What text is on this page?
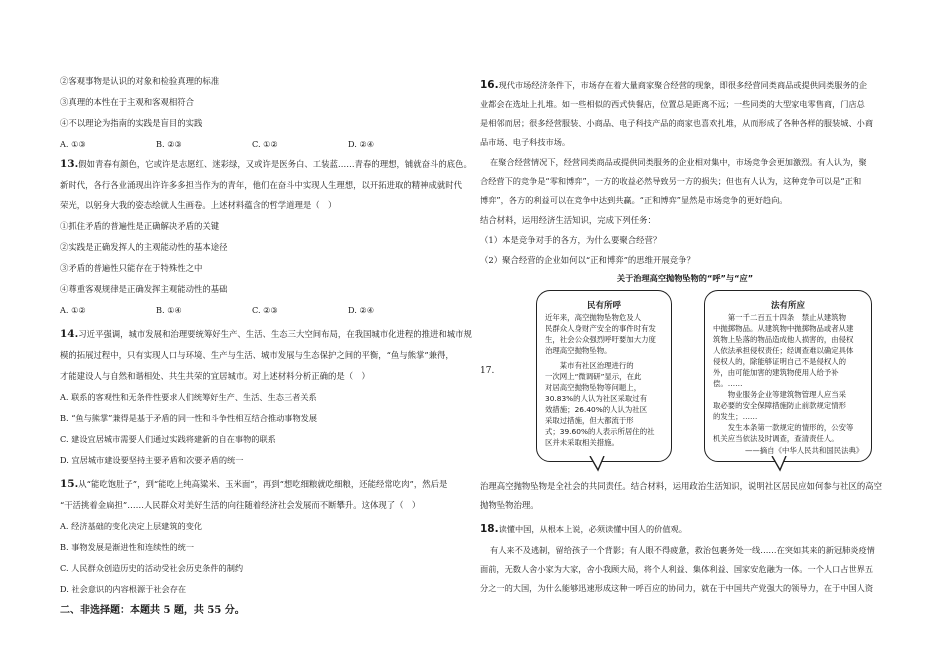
②客观事物是认识的对象和检验真理的标准
③真理的本性在于主观和客观相符合
④不以理论为指南的实践是盲目的实践
A. ①③	B. ②③	C. ①②	D. ②④
13.假如青春有颜色，它或许是志愿红、迷彩绿，又或许是医务白、工装蓝……青春的理想，铺就奋斗的底色。
新时代，各行各业涌现出许许多多担当作为的青年，他们在奋斗中实现人生理想，以开拓进取的精神成就时代
荣光，以躬身大我的姿态绘就人生画卷。上述材料蕴含的哲学道理是（　）
①抓住矛盾的普遍性是正确解决矛盾的关键
②实践是正确发挥人的主观能动性的基本途径
③矛盾的普遍性只能存在于特殊性之中
④尊重客观规律是正确发挥主观能动性的基础
A. ①②	B. ①④	C. ②③	D. ②④
14.习近平强调，城市发展和治理要统筹好生产、生活、生态三大空间布局，在我国城市化进程的推进和城市规
模的拓展过程中，只有实现人口与环境、生产与生活、城市发展与生态保护之间的平衡，“鱼与熊掌”兼得，
才能建设人与自然和谐相处、共生共荣的宜居城市。对上述材料分析正确的是（　）
A. 联系的客观性和无条件性要求人们统筹好生产、生活、生态三者关系
B. “鱼与熊掌”兼得是基于矛盾的同一性和斗争性相互结合推动事物发展
C. 建设宜居城市需要人们通过实践将建新的自在事物的联系
D. 宜居城市建设要坚持主要矛盾和次要矛盾的统一
15.从“能吃饱肚子”，到“能吃上纯高粱米、玉米面”，再到“想吃细粮就吃细粮，还能经常吃肉”，然后是
“干活挑着金扁担”……人民群众对美好生活的向往随着经济社会发展而不断攀升。这体现了（　）
A. 经济基础的变化决定上层建筑的变化
B. 事物发展是渐进性和连续性的统一
C. 人民群众创造历史的活动受社会历史条件的制约
D. 社会意识的内容根源于社会存在
二、非选择题：本题共 5 题，共 55 分。
16.现代市场经济条件下，市场存在着大量商家聚合经营的现象，即很多经营同类商品或提供同类服务的企
业都会在选址上扎堆。如一些相似的西式快餐店，位置总是距离不远；一些同类的大型家电零售商，门店总
是相邻而居；很多经营服装、小商品、电子科技产品的商家也喜欢扎堆，从而形成了各种各样的服装城、小商
品市场、电子科技市场。
在聚合经营情况下，经营同类商品或提供同类服务的企业相对集中，市场竞争会更加激烈。有人认为，聚
合经营下的竞争是“零和博弈”，一方的收益必然导致另一方的损失；但也有人认为，这种竞争可以是“正和
博弈”，各方的利益可以在竞争中达到共赢。“正和博弈”显然是市场竞争的更好趋向。
结合材料，运用经济生活知识，完成下列任务：
（1）本是竞争对手的各方，为什么要聚合经营？
（2）聚合经营的企业如何以“正和博弈”的思维开展竞争？
关于治理高空抛物坠物的“呼”与“应”
17.
民有所呼
近年来，高空抛物坠物危及人
民群众人身财产安全的事件时有发
生，社会公众强烈呼吁要加大力度
治理高空抛物坠物。
　　某市有社区治理进行的
一次网上“微调研”显示，在此
对居高空抛物坠物等问题上，
30.83%的人认为社区采取过有
效措施；26.40%的人认为社区
采取过措施，但大都流于形
式；39.60%的人表示所居住的社
区并未采取相关措施。
法有所应
　　第一千二百五十四条　禁止从建筑物
中抛掷物品。从建筑物中抛掷物品或者从建
筑物上坠落的物品造成他人损害的，由侵权
人依法承担侵权责任；经调查难以确定具体
侵权人的，除能够证明自己不是侵权人的
外，由可能加害的建筑物使用人给予补
偿。……
　　物业服务企业等建筑物管理人应当采
取必要的安全保障措施防止前款规定情形
的发生；……
　　发生本条第一款规定的情形的，公安等
机关应当依法及时调查，查清责任人。
——摘自《中华人民共和国民法典》
治理高空抛物坠物是全社会的共同责任。结合材料，运用政治生活知识，说明社区居民应如何参与社区的高空
抛物坠物治理。
18.读懂中国，从根本上说，必须读懂中国人的价值观。
有人来不及逃制，留给孩子一个背影；有人眼不得疲惫，救治包裹务处一线……在突如其来的新冠肺炎疫情
面前，无数人舍小家为大家，舍小我顾大局，将个人利益、集体利益、国家安危融为一体。一个人口占世界五
分之一的大国，为什么能够迅速形成这种一呼百应的协同力，就在于中国共产党强大的领导力，在于中国人资
